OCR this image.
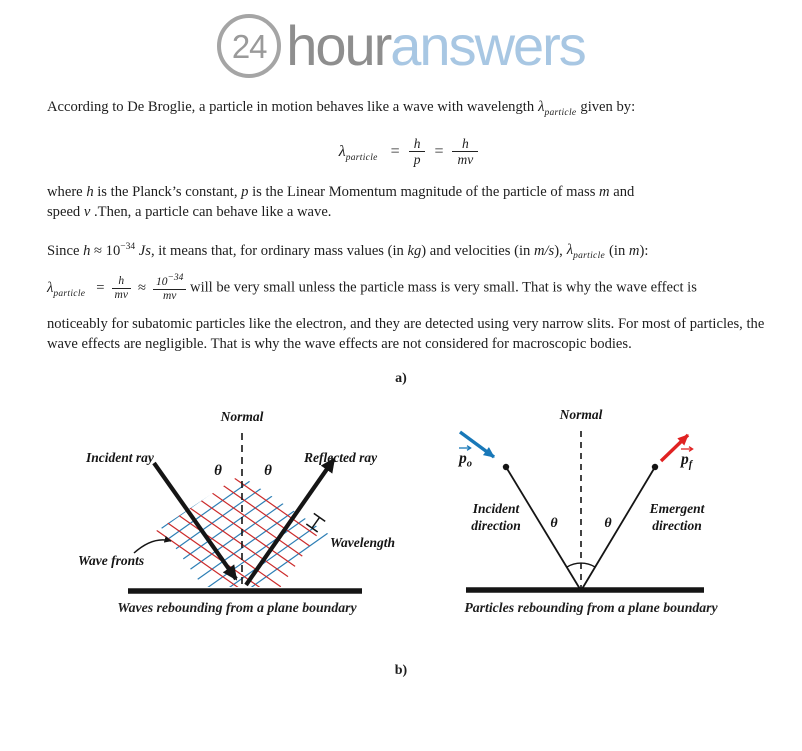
24 hour answers

According to De Broglie, a particle in motion behaves like a wave with wavelength $\lambda_{particle}$ given by:

$\lambda_{particle} = \frac{h}{p} = \frac{h}{mv}$

where h is the Planck’s constant, p is the Linear Momentum magnitude of the particle of mass m and
speed v .Then, a particle can behave like a wave.

Since $h \approx 10^{-34}$ Js, it means that, for ordinary mass values (in kg) and velocities (in m/s), $\lambda_{particle}$ (in m):

$\lambda_{particle} = \frac{h}{mv} \approx \frac{10^{-34}}{mv}$ will be very small unless the particle mass is very small. That is why the wave effect is

noticeably for subatomic particles like the electron, and they are detected using very narrow slits. For most of particles, the wave effects are negligible. That is why the wave effects are not considered for macroscopic bodies.

a)

Normal
Incident ray	Reflected ray
θ	θ
Wave fronts
Wavelength
$p_o$	$p_f$
Normal
Incident
direction
Emergent
direction
θ	θ
Waves rebounding from a plane boundary	Particles rebounding from a plane boundary

b)
